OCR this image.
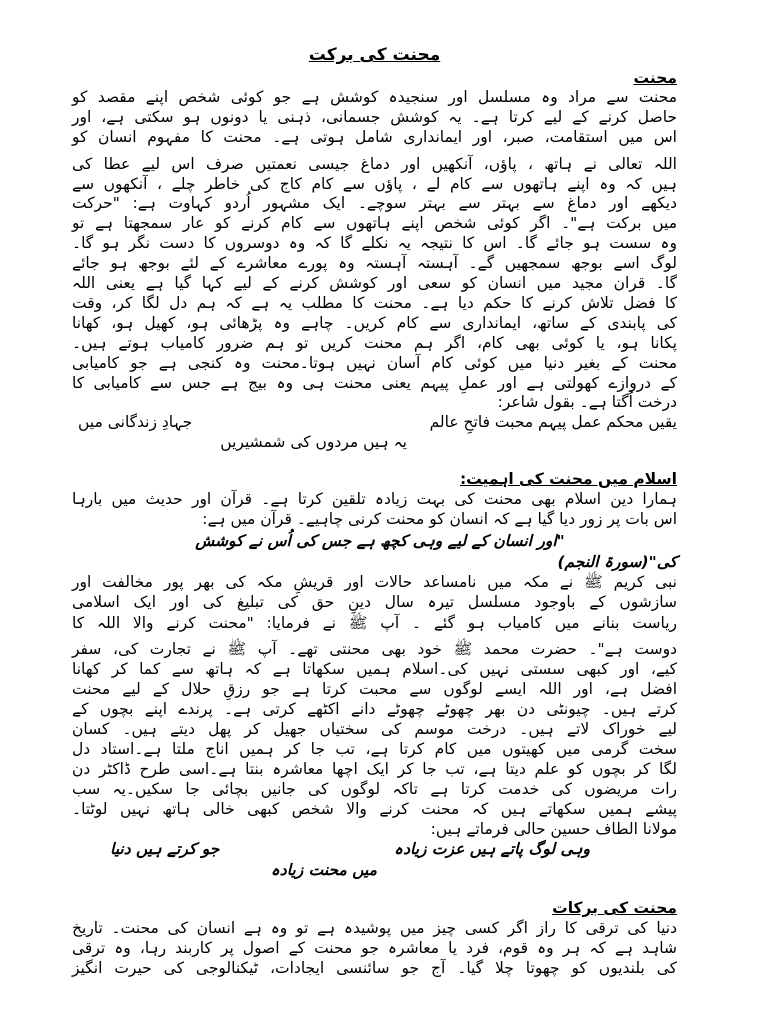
محنت کی برکت
محنت
محنت سے مراد وہ مسلسل اور سنجیدہ کوشش ہے جو کوئی شخص اپنے مقصد کو
حاصل کرنے کے لیے کرتا ہے۔ یہ کوشش جسمانی، ذہنی یا دونوں ہو سکتی ہے، اور
اس میں استقامت، صبر، اور ایمانداری شامل ہوتی ہے۔ محنت کا مفہوم انسان کو
اللہ تعالی نے ہاتھ ، پاؤں، آنکھیں اور دماغ جیسی نعمتیں صرف اس لیے عطا کی
ہیں کہ وہ اپنے ہاتھوں سے کام لے ، پاؤں سے کام کاج کی خاطر چلے ، آنکھوں سے
دیکھے اور دماغ سے بہتر سے بہتر سوچے۔ ایک مشہور اُردو کہاوت ہے: "حرکت
میں برکت ہے"۔ اگر کوئی شخص اپنے ہاتھوں سے کام کرنے کو عار سمجھتا ہے تو
وہ سست ہو جائے گا۔ اس کا نتیجہ یہ نکلے گا کہ وہ دوسروں کا دست نگر ہو گا۔
لوگ اسے بوجھ سمجھیں گے۔ آہستہ آہستہ وہ پورے معاشرے کے لئے بوجھ ہو جائے
گا۔ قران مجید میں انسان کو سعی اور کوشش کرنے کے لیے کہا گیا ہے یعنی اللہ
کا فضل تلاش کرنے کا حکم دیا ہے۔ محنت کا مطلب یہ ہے کہ ہم دل لگا کر، وقت
کی پابندی کے ساتھ، ایمانداری سے کام کریں۔ چاہے وہ پڑھائی ہو، کھیل ہو، کھانا
پکانا ہو، یا کوئی بھی کام، اگر ہم محنت کریں تو ہم ضرور کامیاب ہوتے ہیں۔
محنت کے بغیر دنیا میں کوئی کام آسان نہیں ہوتا۔محنت وہ کنجی ہے جو کامیابی
کے دروازے کھولتی ہے اور عملِ پیہم یعنی محنت ہی وہ بیج ہے جس سے کامیابی کا
درخت اُگتا ہے۔ بقول شاعر:
یقیں محکم عمل پیہم محبت فاتحِ عالم
جہادِ زندگانی میں
یہ ہیں مردوں کی شمشیریں
اسلام میں محنت کی اہمیت:
ہمارا دین اسلام بھی محنت کی بہت زیادہ تلقین کرتا ہے۔ قرآن اور حدیث میں بارہا
اس بات پر زور دیا گیا ہے کہ انسان کو محنت کرنی چاہیے۔ قرآن میں ہے:
"اور انسان کے لیے وہی کچھ ہے جس کی اُس نے کوشش
کی"(سورۃ النجم)
نبی کریم ﷺ نے مکہ میں نامساعد حالات اور قریشِ مکہ کی بھر پور مخالفت اور
سازشوں کے باوجود مسلسل تیرہ سال دینِ حق کی تبلیغ کی اور ایک اسلامی
ریاست بنانے میں کامیاب ہو گئے ۔ آپ ﷺ نے فرمایا: "محنت کرنے والا اللہ کا
دوست ہے"۔ حضرت محمد ﷺ خود بھی محنتی تھے۔ آپ ﷺ نے تجارت کی، سفر
کیے، اور کبھی سستی نہیں کی۔اسلام ہمیں سکھاتا ہے کہ ہاتھ سے کما کر کھانا
افضل ہے، اور اللہ ایسے لوگوں سے محبت کرتا ہے جو رزقِ حلال کے لیے محنت
کرتے ہیں۔ چیونٹی دن بھر چھوٹے چھوٹے دانے اکٹھے کرتی ہے۔ پرندے اپنے بچوں کے
لیے خوراک لاتے ہیں۔ درخت موسم کی سختیاں جھیل کر پھل دیتے ہیں۔ کسان
سخت گرمی میں کھیتوں میں کام کرتا ہے، تب جا کر ہمیں اناج ملتا ہے۔استاد دل
لگا کر بچوں کو علم دیتا ہے، تب جا کر ایک اچھا معاشرہ بنتا ہے۔اسی طرح ڈاکٹر دن
رات مریضوں کی خدمت کرتا ہے تاکہ لوگوں کی جانیں بچائی جا سکیں۔یہ سب
پیشے ہمیں سکھاتے ہیں کہ محنت کرنے والا شخص کبھی خالی ہاتھ نہیں لوٹتا۔
مولانا الطاف حسین حالی فرماتے ہیں:
وہی لوگ پاتے ہیں عزت زیادہ
جو کرتے ہیں دنیا
میں محنت زیادہ
محنت کی برکات
دنیا کی ترقی کا راز اگر کسی چیز میں پوشیدہ ہے تو وہ ہے انسان کی محنت۔ تاریخ
شاہد ہے کہ ہر وہ قوم، فرد یا معاشرہ جو محنت کے اصول پر کاربند رہا، وہ ترقی
کی بلندیوں کو چھوتا چلا گیا۔ آج جو سائنسی ایجادات، ٹیکنالوجی کی حیرت انگیز
